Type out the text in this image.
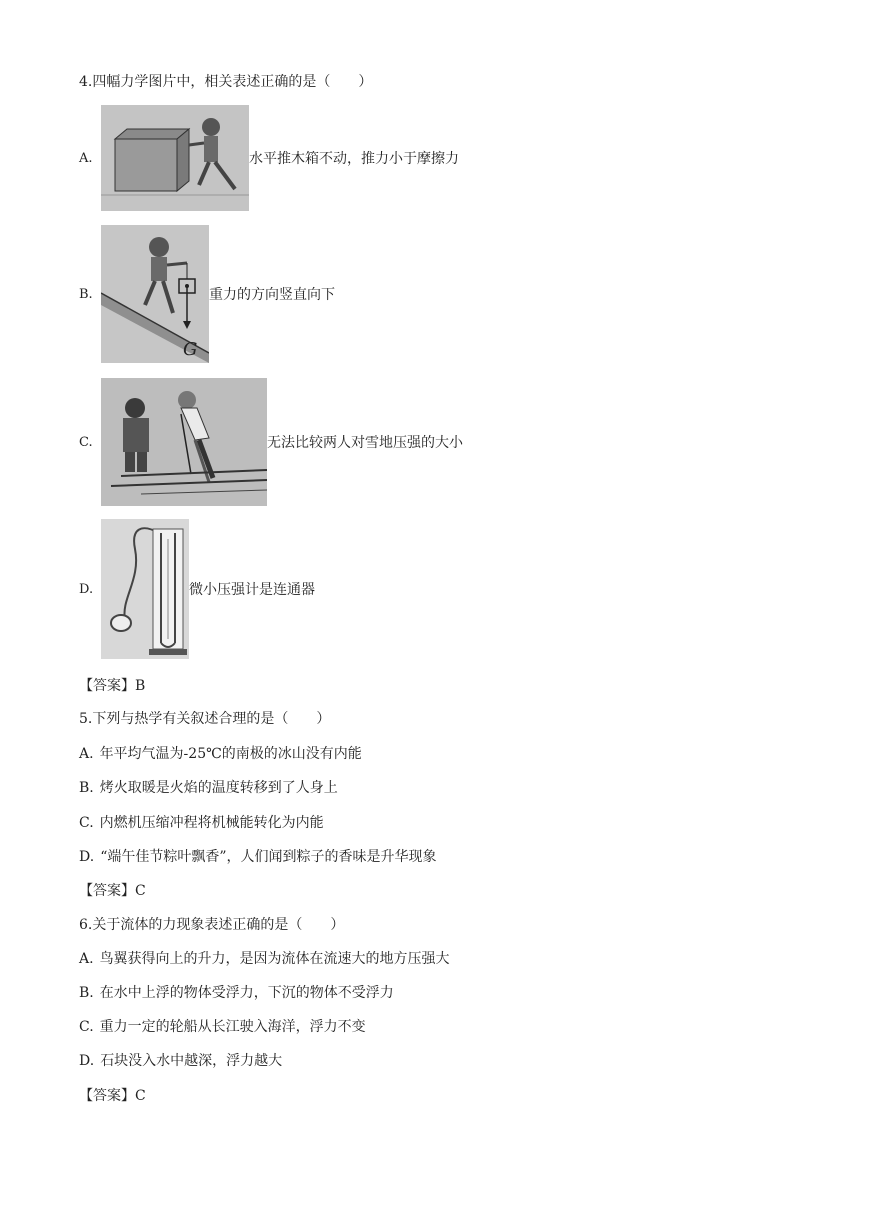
4.四幅力学图片中，相关表述正确的是（　　）
A.	水平推木箱不动，推力小于摩擦力
B.
G
重力的方向竖直向下
C.	无法比较两人对雪地压强的大小
D.	微小压强计是连通器
【答案】B
5.下列与热学有关叙述合理的是（　　）
A. 年平均气温为-25℃的南极的冰山没有内能
B. 烤火取暖是火焰的温度转移到了人身上
C. 内燃机压缩冲程将机械能转化为内能
D. “端午佳节粽叶飘香”，人们闻到粽子的香味是升华现象
【答案】C
6.关于流体的力现象表述正确的是（　　）
A. 鸟翼获得向上的升力，是因为流体在流速大的地方压强大
B. 在水中上浮的物体受浮力，下沉的物体不受浮力
C. 重力一定的轮船从长江驶入海洋，浮力不变
D. 石块没入水中越深，浮力越大
【答案】C
